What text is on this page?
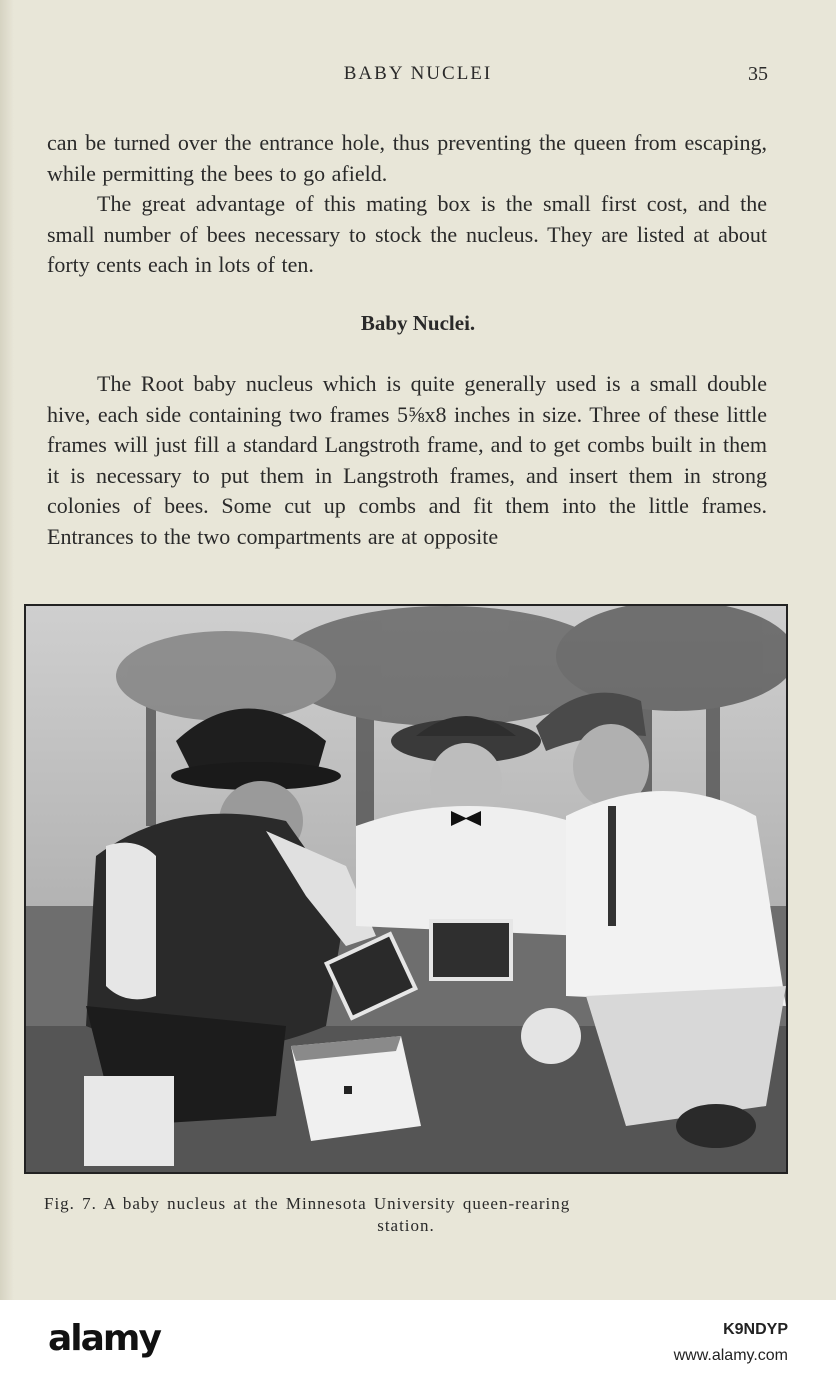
BABY NUCLEI	35

can be turned over the entrance hole, thus preventing the queen from escaping, while permitting the bees to go afield.

The great advantage of this mating box is the small first cost, and the small number of bees necessary to stock the nucleus. They are listed at about forty cents each in lots of ten.

Baby Nuclei.

The Root baby nucleus which is quite generally used is a small double hive, each side containing two frames 5⅝x8 inches in size. Three of these little frames will just fill a standard Langstroth frame, and to get combs built in them it is necessary to put them in Langstroth frames, and insert them in strong colonies of bees. Some cut up combs and fit them into the little frames. Entrances to the two compartments are at opposite

Fig. 7. A baby nucleus at the Minnesota University queen-rearing
station.

alamy	K9NDYP
www.alamy.com
